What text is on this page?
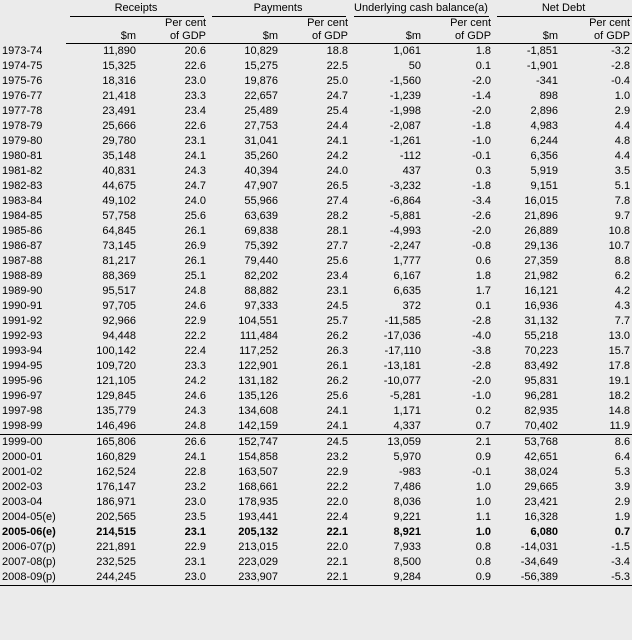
	Receipts		Payments		Underlying cash balance(a)		Net Debt	
		Per cent		Per cent		Per cent		Per cent
	$m	of GDP	$m	of GDP	$m	of GDP	$m	of GDP
1973-74	11,890	20.6	10,829	18.8	1,061	1.8	-1,851	-3.2
1974-75	15,325	22.6	15,275	22.5	50	0.1	-1,901	-2.8
1975-76	18,316	23.0	19,876	25.0	-1,560	-2.0	-341	-0.4
1976-77	21,418	23.3	22,657	24.7	-1,239	-1.4	898	1.0
1977-78	23,491	23.4	25,489	25.4	-1,998	-2.0	2,896	2.9
1978-79	25,666	22.6	27,753	24.4	-2,087	-1.8	4,983	4.4
1979-80	29,780	23.1	31,041	24.1	-1,261	-1.0	6,244	4.8
1980-81	35,148	24.1	35,260	24.2	-112	-0.1	6,356	4.4
1981-82	40,831	24.3	40,394	24.0	437	0.3	5,919	3.5
1982-83	44,675	24.7	47,907	26.5	-3,232	-1.8	9,151	5.1
1983-84	49,102	24.0	55,966	27.4	-6,864	-3.4	16,015	7.8
1984-85	57,758	25.6	63,639	28.2	-5,881	-2.6	21,896	9.7
1985-86	64,845	26.1	69,838	28.1	-4,993	-2.0	26,889	10.8
1986-87	73,145	26.9	75,392	27.7	-2,247	-0.8	29,136	10.7
1987-88	81,217	26.1	79,440	25.6	1,777	0.6	27,359	8.8
1988-89	88,369	25.1	82,202	23.4	6,167	1.8	21,982	6.2
1989-90	95,517	24.8	88,882	23.1	6,635	1.7	16,121	4.2
1990-91	97,705	24.6	97,333	24.5	372	0.1	16,936	4.3
1991-92	92,966	22.9	104,551	25.7	-11,585	-2.8	31,132	7.7
1992-93	94,448	22.2	111,484	26.2	-17,036	-4.0	55,218	13.0
1993-94	100,142	22.4	117,252	26.3	-17,110	-3.8	70,223	15.7
1994-95	109,720	23.3	122,901	26.1	-13,181	-2.8	83,492	17.8
1995-96	121,105	24.2	131,182	26.2	-10,077	-2.0	95,831	19.1
1996-97	129,845	24.6	135,126	25.6	-5,281	-1.0	96,281	18.2
1997-98	135,779	24.3	134,608	24.1	1,171	0.2	82,935	14.8
1998-99	146,496	24.8	142,159	24.1	4,337	0.7	70,402	11.9
1999-00	165,806	26.6	152,747	24.5	13,059	2.1	53,768	8.6
2000-01	160,829	24.1	154,858	23.2	5,970	0.9	42,651	6.4
2001-02	162,524	22.8	163,507	22.9	-983	-0.1	38,024	5.3
2002-03	176,147	23.2	168,661	22.2	7,486	1.0	29,665	3.9
2003-04	186,971	23.0	178,935	22.0	8,036	1.0	23,421	2.9
2004-05(e)	202,565	23.5	193,441	22.4	9,221	1.1	16,328	1.9
2005-06(e)	214,515	23.1	205,132	22.1	8,921	1.0	6,080	0.7
2006-07(p)	221,891	22.9	213,015	22.0	7,933	0.8	-14,031	-1.5
2007-08(p)	232,525	23.1	223,029	22.1	8,500	0.8	-34,649	-3.4
2008-09(p)	244,245	23.0	233,907	22.1	9,284	0.9	-56,389	-5.3
